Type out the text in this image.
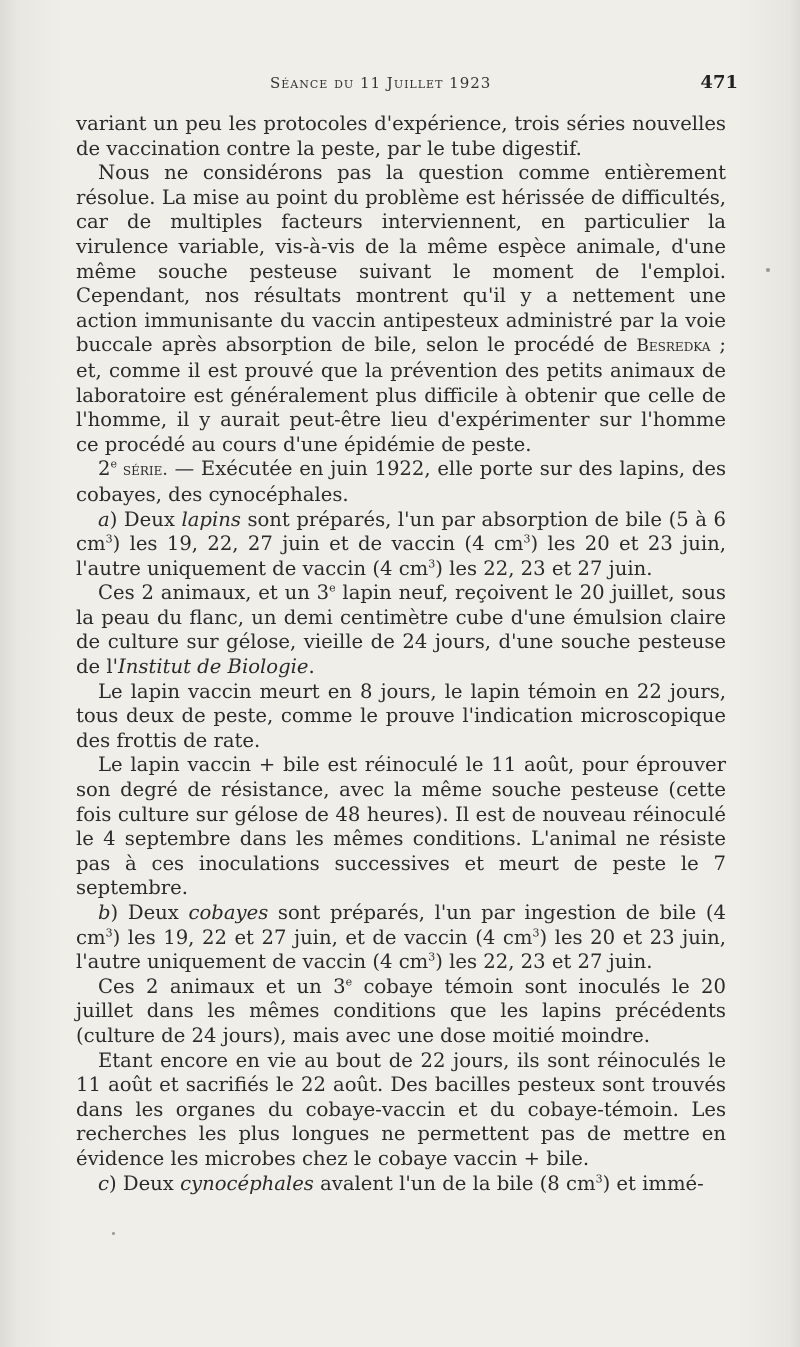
Séance du 11 Juillet 1923	471

variant un peu les protocoles d'expérience, trois séries nouvelles de vaccination contre la peste, par le tube digestif.

Nous ne considérons pas la question comme entièrement résolue. La mise au point du problème est hérissée de difficultés, car de multiples facteurs interviennent, en particulier la virulence variable, vis-à-vis de la même espèce animale, d'une même souche pesteuse suivant le moment de l'emploi. Cependant, nos résultats montrent qu'il y a nettement une action immunisante du vaccin antipesteux administré par la voie buccale après absorption de bile, selon le procédé de Besredka ; et, comme il est prouvé que la prévention des petits animaux de laboratoire est généralement plus difficile à obtenir que celle de l'homme, il y aurait peut-être lieu d'expérimenter sur l'homme ce procédé au cours d'une épidémie de peste.

2e série. — Exécutée en juin 1922, elle porte sur des lapins, des cobayes, des cynocéphales.

a) Deux lapins sont préparés, l'un par absorption de bile (5 à 6 $cm^3$) les 19, 22, 27 juin et de vaccin (4 $cm^3$) les 20 et 23 juin, l'autre uniquement de vaccin (4 $cm^3$) les 22, 23 et 27 juin.

Ces 2 animaux, et un 3e lapin neuf, reçoivent le 20 juillet, sous la peau du flanc, un demi centimètre cube d'une émulsion claire de culture sur gélose, vieille de 24 jours, d'une souche pesteuse de l'Institut de Biologie.

Le lapin vaccin meurt en 8 jours, le lapin témoin en 22 jours, tous deux de peste, comme le prouve l'indication microscopique des frottis de rate.

Le lapin vaccin + bile est réinoculé le 11 août, pour éprouver son degré de résistance, avec la même souche pesteuse (cette fois culture sur gélose de 48 heures). Il est de nouveau réinoculé le 4 septembre dans les mêmes conditions. L'animal ne résiste pas à ces inoculations successives et meurt de peste le 7 septembre.

b) Deux cobayes sont préparés, l'un par ingestion de bile (4 $cm^3$) les 19, 22 et 27 juin, et de vaccin (4 $cm^3$) les 20 et 23 juin, l'autre uniquement de vaccin (4 $cm^3$) les 22, 23 et 27 juin.

Ces 2 animaux et un 3e cobaye témoin sont inoculés le 20 juillet dans les mêmes conditions que les lapins précédents (culture de 24 jours), mais avec une dose moitié moindre.

Etant encore en vie au bout de 22 jours, ils sont réinoculés le 11 août et sacrifiés le 22 août. Des bacilles pesteux sont trouvés dans les organes du cobaye-vaccin et du cobaye-témoin. Les recherches les plus longues ne permettent pas de mettre en évidence les microbes chez le cobaye vaccin + bile.

c) Deux cynocéphales avalent l'un de la bile (8 $cm^3$) et immé-
